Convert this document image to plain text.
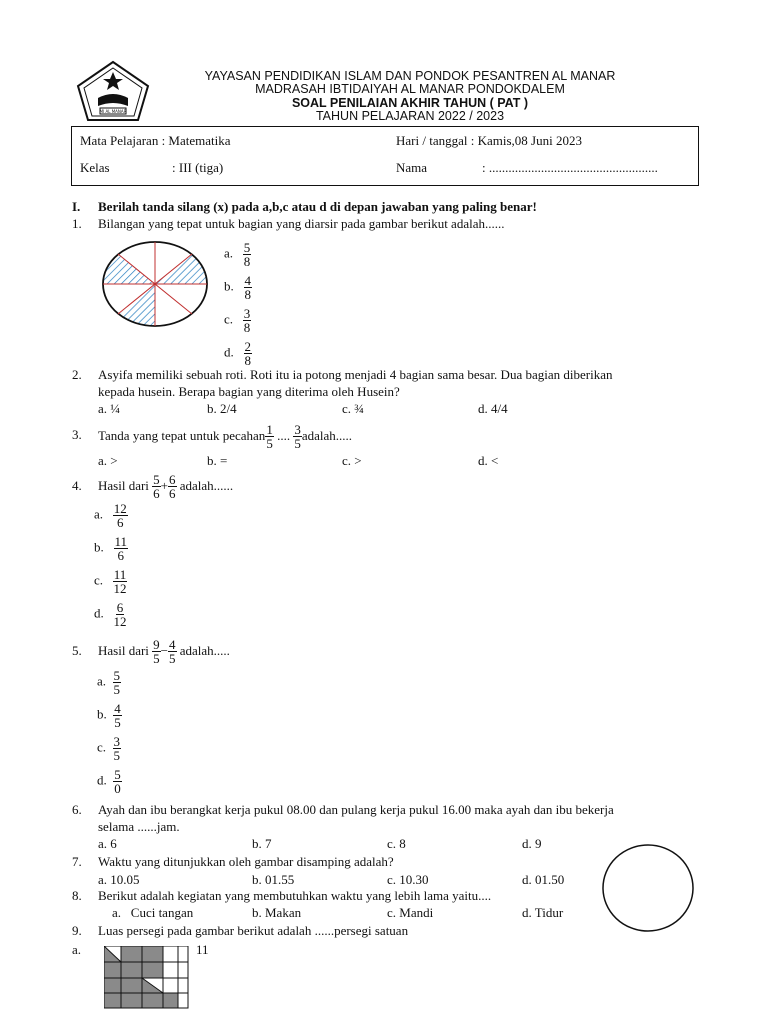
MI AL MANAR
YAYASAN PENDIDIKAN ISLAM DAN PONDOK PESANTREN AL MANAR
MADRASAH IBTIDAIYAH AL MANAR PONDOKDALEM
SOAL PENILAIAN AKHIR TAHUN ( PAT )
TAHUN PELAJARAN 2022 / 2023
Mata Pelajaran : Matematika	Hari / tanggal : Kamis,08 Juni 2023
Kelas	: III (tiga)	Nama	: ....................................................
I. Berilah tanda silang (x) pada a,b,c atau d di depan jawaban yang paling benar!
1. Bilangan yang tepat untuk bagian yang diarsir pada gambar berikut adalah......
a. $\frac{5}{8}$
b. $\frac{4}{8}$
c. $\frac{3}{8}$
d. $\frac{2}{8}$
2. Asyifa memiliki sebuah roti. Roti itu ia potong menjadi 4 bagian sama besar. Dua bagian diberikan
kepada husein. Berapa bagian yang diterima oleh Husein?
a. ¼	b. 2/4	c. ¾	d. 4/4
3. Tanda yang tepat untuk pecahan $\frac{1}{5}$ .... $\frac{3}{5}$ adalah.....
a. >	b. =	c. >	d. <
4. Hasil dari
$\frac{5}{6} + \frac{6}{6}$ adalah......
a. $\frac{12}{6}$
b. $\frac{11}{6}$
c. $\frac{11}{12}$
d. $\frac{6}{12}$
5. Hasil dari
$\frac{9}{5} - \frac{4}{5}$ adalah.....
a. $\frac{5}{5}$
b. $\frac{4}{5}$
c. $\frac{3}{5}$
d. $\frac{5}{0}$
6. Ayah dan ibu berangkat kerja pukul 08.00 dan pulang kerja pukul 16.00 maka ayah dan ibu bekerja
selama ......jam.
a. 6	b. 7	c. 8	d. 9
7. Waktu yang ditunjukkan oleh gambar disamping adalah?
a. 10.05	b. 01.55	c. 10.30	d. 01.50
8. Berikut adalah kegiatan yang membutuhkan waktu yang lebih lama yaitu....
a.   Cuci tangan	b. Makan	c. Mandi	d. Tidur
9. Luas persegi pada gambar berikut adalah ......persegi satuan
a.	11
